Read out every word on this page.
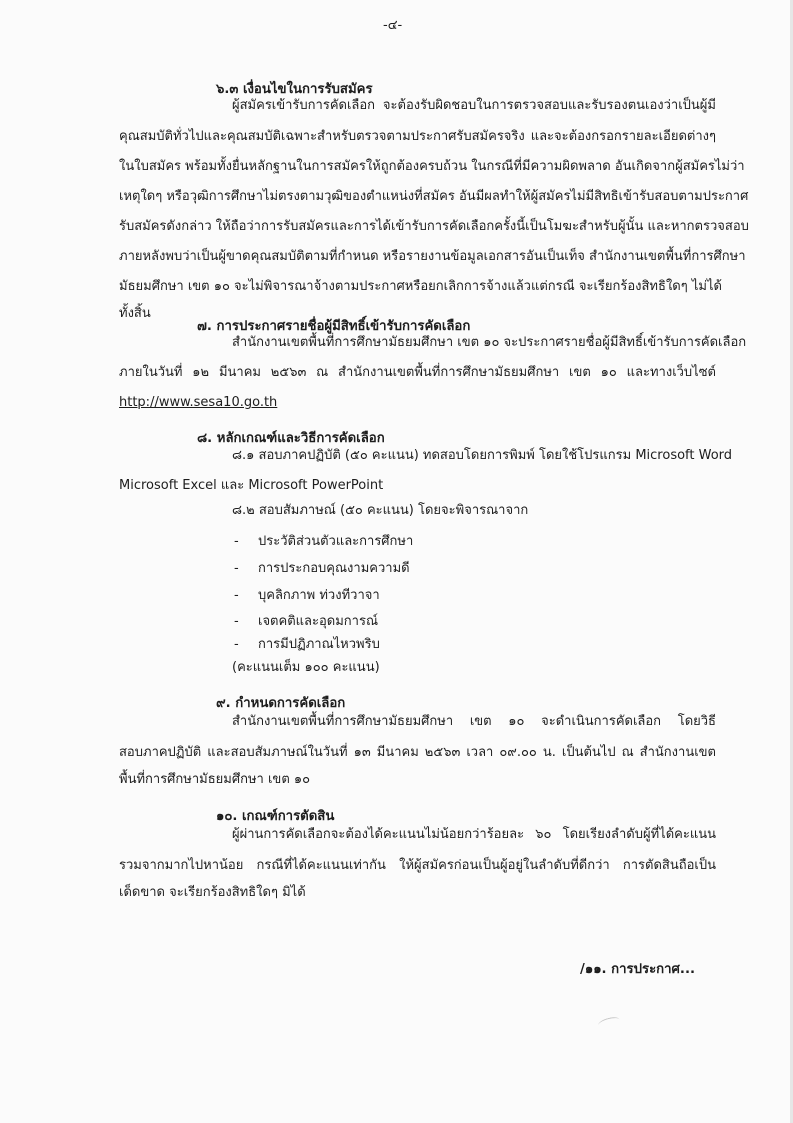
-๔-
๖.๓ เงื่อนไขในการรับสมัคร
ผู้สมัครเข้ารับการคัดเลือก จะต้องรับผิดชอบในการตรวจสอบและรับรองตนเองว่าเป็นผู้มี
คุณสมบัติทั่วไปและคุณสมบัติเฉพาะสำหรับตรวจตามประกาศรับสมัครจริง และจะต้องกรอกรายละเอียดต่างๆ
ในใบสมัคร พร้อมทั้งยื่นหลักฐานในการสมัครให้ถูกต้องครบถ้วน ในกรณีที่มีความผิดพลาด อันเกิดจากผู้สมัครไม่ว่า
เหตุใดๆ หรือวุฒิการศึกษาไม่ตรงตามวุฒิของตำแหน่งที่สมัคร อันมีผลทำให้ผู้สมัครไม่มีสิทธิเข้ารับสอบตามประกาศ
รับสมัครดังกล่าว ให้ถือว่าการรับสมัครและการได้เข้ารับการคัดเลือกครั้งนี้เป็นโมฆะสำหรับผู้นั้น และหากตรวจสอบ
ภายหลังพบว่าเป็นผู้ขาดคุณสมบัติตามที่กำหนด หรือรายงานข้อมูลเอกสารอันเป็นเท็จ สำนักงานเขตพื้นที่การศึกษา
มัธยมศึกษา เขต ๑๐ จะไม่พิจารณาจ้างตามประกาศหรือยกเลิกการจ้างแล้วแต่กรณี จะเรียกร้องสิทธิใดๆ ไม่ได้
ทั้งสิ้น
๗. การประกาศรายชื่อผู้มีสิทธิ์เข้ารับการคัดเลือก
สำนักงานเขตพื้นที่การศึกษามัธยมศึกษา เขต ๑๐ จะประกาศรายชื่อผู้มีสิทธิ์เข้ารับการคัดเลือก
ภายในวันที่ ๑๒ มีนาคม ๒๕๖๓ ณ สำนักงานเขตพื้นที่การศึกษามัธยมศึกษา เขต ๑๐ และทางเว็บไซต์
http://www.sesa10.go.th
๘. หลักเกณฑ์และวิธีการคัดเลือก
๘.๑ สอบภาคปฏิบัติ (๕๐ คะแนน) ทดสอบโดยการพิมพ์ โดยใช้โปรแกรม Microsoft Word
Microsoft Excel และ Microsoft PowerPoint
๘.๒ สอบสัมภาษณ์ (๕๐ คะแนน) โดยจะพิจารณาจาก
- ประวัติส่วนตัวและการศึกษา
- การประกอบคุณงามความดี
- บุคลิกภาพ ท่วงทีวาจา
- เจตคติและอุดมการณ์
- การมีปฏิภาณไหวพริบ
(คะแนนเต็ม ๑๐๐ คะแนน)
๙. กำหนดการคัดเลือก
สำนักงานเขตพื้นที่การศึกษามัธยมศึกษา เขต ๑๐ จะดำเนินการคัดเลือก โดยวิธี
สอบภาคปฏิบัติ และสอบสัมภาษณ์ในวันที่ ๑๓ มีนาคม ๒๕๖๓ เวลา ๐๙.๐๐ น. เป็นต้นไป ณ สำนักงานเขต
พื้นที่การศึกษามัธยมศึกษา เขต ๑๐
๑๐. เกณฑ์การตัดสิน
ผู้ผ่านการคัดเลือกจะต้องได้คะแนนไม่น้อยกว่าร้อยละ ๖๐ โดยเรียงลำดับผู้ที่ได้คะแนน
รวมจากมากไปหาน้อย กรณีที่ได้คะแนนเท่ากัน ให้ผู้สมัครก่อนเป็นผู้อยู่ในลำดับที่ดีกว่า การตัดสินถือเป็น
เด็ดขาด จะเรียกร้องสิทธิใดๆ มิได้
/๑๑. การประกาศ...
